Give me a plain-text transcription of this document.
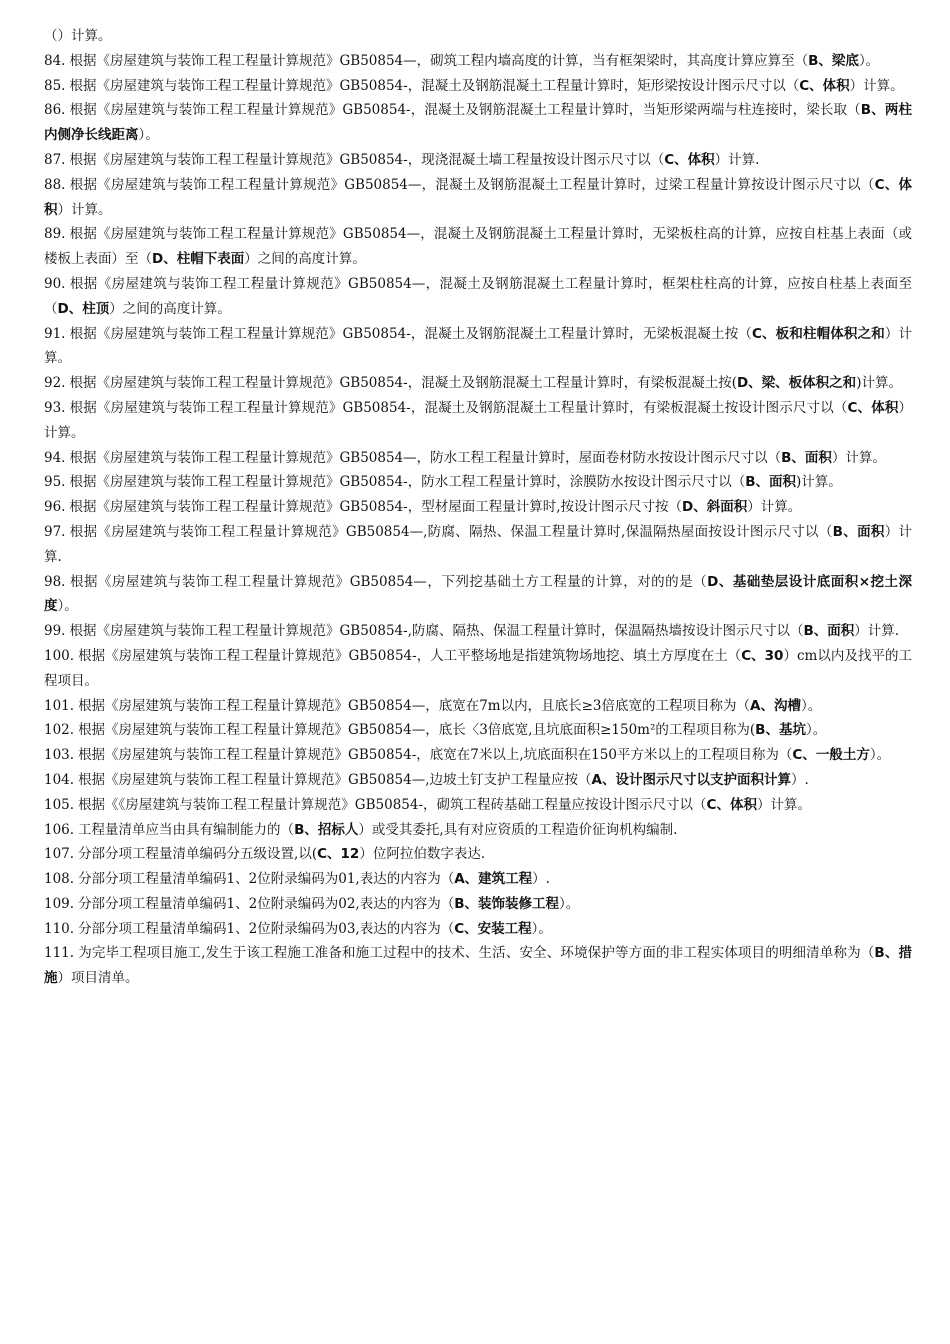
（）计算。

84. 根据《房屋建筑与装饰工程工程量计算规范》GB50854—，砌筑工程内墙高度的计算，当有框架梁时，其高度计算应算至（B、梁底）。

85. 根据《房屋建筑与装饰工程工程量计算规范》GB50854-，混凝土及钢筋混凝土工程量计算时，矩形梁按设计图示尺寸以（C、体积）计算。

86. 根据《房屋建筑与装饰工程工程量计算规范》GB50854-，混凝土及钢筋混凝土工程量计算时，当矩形梁两端与柱连接时，梁长取（B、两柱内侧净长线距离）。

87. 根据《房屋建筑与装饰工程工程量计算规范》GB50854-，现浇混凝土墙工程量按设计图示尺寸以（C、体积）计算.

88. 根据《房屋建筑与装饰工程工程量计算规范》GB50854—，混凝土及钢筋混凝土工程量计算时，过梁工程量计算按设计图示尺寸以（C、体积）计算。

89. 根据《房屋建筑与装饰工程工程量计算规范》GB50854—，混凝土及钢筋混凝土工程量计算时，无梁板柱高的计算，应按自柱基上表面（或楼板上表面）至（D、柱帽下表面）之间的高度计算。

90. 根据《房屋建筑与装饰工程工程量计算规范》GB50854—，混凝土及钢筋混凝土工程量计算时，框架柱柱高的计算，应按自柱基上表面至（D、柱顶）之间的高度计算。

91. 根据《房屋建筑与装饰工程工程量计算规范》GB50854-，混凝土及钢筋混凝土工程量计算时，无梁板混凝土按（C、板和柱帽体积之和）计算。

92. 根据《房屋建筑与装饰工程工程量计算规范》GB50854-，混凝土及钢筋混凝土工程量计算时，有梁板混凝土按(D、梁、板体积之和)计算。

93. 根据《房屋建筑与装饰工程工程量计算规范》GB50854-，混凝土及钢筋混凝土工程量计算时，有梁板混凝土按设计图示尺寸以（C、体积）计算。

94. 根据《房屋建筑与装饰工程工程量计算规范》GB50854—，防水工程工程量计算时，屋面卷材防水按设计图示尺寸以（B、面积）计算。

95. 根据《房屋建筑与装饰工程工程量计算规范》GB50854-，防水工程工程量计算时，涂膜防水按设计图示尺寸以（B、面积)计算。

96. 根据《房屋建筑与装饰工程工程量计算规范》GB50854-，型材屋面工程量计算时,按设计图示尺寸按（D、斜面积）计算。

97. 根据《房屋建筑与装饰工程工程量计算规范》GB50854—,防腐、隔热、保温工程量计算时,保温隔热屋面按设计图示尺寸以（B、面积）计算.

98. 根据《房屋建筑与装饰工程工程量计算规范》GB50854—，下列挖基础土方工程量的计算，对的的是（D、基础垫层设计底面积×挖土深度）。

99. 根据《房屋建筑与装饰工程工程量计算规范》GB50854-,防腐、隔热、保温工程量计算时，保温隔热墙按设计图示尺寸以（B、面积）计算.

100. 根据《房屋建筑与装饰工程工程量计算规范》GB50854-，人工平整场地是指建筑物场地挖、填土方厚度在土（C、30）cm以内及找平的工程项目。

101. 根据《房屋建筑与装饰工程工程量计算规范》GB50854—，底宽在7m以内，且底长≥3倍底宽的工程项目称为（A、沟槽）。

102. 根据《房屋建筑与装饰工程工程量计算规范》GB50854—，底长〈3倍底宽,且坑底面积≥150m²的工程项目称为(B、基坑）。

103. 根据《房屋建筑与装饰工程工程量计算规范》GB50854-，底宽在7米以上,坑底面积在150平方米以上的工程项目称为（C、一般土方）。

104. 根据《房屋建筑与装饰工程工程量计算规范》GB50854—,边坡土钉支护工程量应按（A、设计图示尺寸以支护面积计算）.

105. 根据《《房屋建筑与装饰工程工程量计算规范》GB50854-，砌筑工程砖基础工程量应按设计图示尺寸以（C、体积）计算。

106. 工程量清单应当由具有编制能力的（B、招标人）或受其委托,具有对应资质的工程造价征询机构编制.

107. 分部分项工程量清单编码分五级设置,以(C、12）位阿拉伯数字表达.

108. 分部分项工程量清单编码1、2位附录编码为01,表达的内容为（A、建筑工程）.

109. 分部分项工程量清单编码1、2位附录编码为02,表达的内容为（B、装饰装修工程）。

110. 分部分项工程量清单编码1、2位附录编码为03,表达的内容为（C、安装工程）。

111. 为完毕工程项目施工,发生于该工程施工准备和施工过程中的技术、生活、安全、环境保护等方面的非工程实体项目的明细清单称为（B、措施）项目清单。
